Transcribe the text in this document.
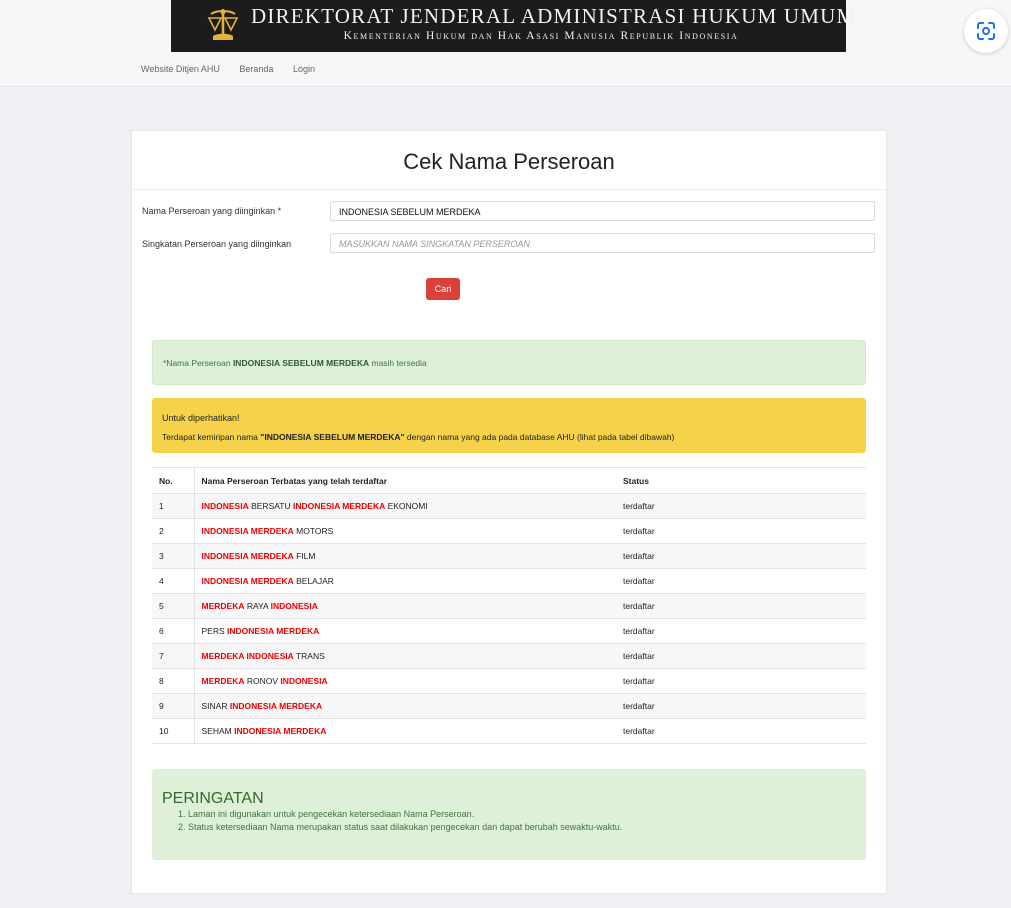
DIREKTORAT JENDERAL ADMINISTRASI HUKUM UMUM
Kementerian Hukum dan Hak Asasi Manusia Republik Indonesia
Website Ditjen AHU Beranda Login
Cek Nama Perseroan
Nama Perseroan yang diinginkan *	INDONESIA SEBELUM MERDEKA
Singkatan Perseroan yang diinginkan	MASUKKAN NAMA SINGKATAN PERSEROAN
Cari
*Nama Perseroan INDONESIA SEBELUM MERDEKA masih tersedia
Untuk diperhatikan!
Terdapat kemiripan nama "INDONESIA SEBELUM MERDEKA" dengan nama yang ada pada database AHU (lihat pada tabel dibawah)
No.	Nama Perseroan Terbatas yang telah terdaftar	Status
1	INDONESIA BERSATU INDONESIA MERDEKA EKONOMI	terdaftar
2	INDONESIA MERDEKA MOTORS	terdaftar
3	INDONESIA MERDEKA FILM	terdaftar
4	INDONESIA MERDEKA BELAJAR	terdaftar
5	MERDEKA RAYA INDONESIA	terdaftar
6	PERS INDONESIA MERDEKA	terdaftar
7	MERDEKA INDONESIA TRANS	terdaftar
8	MERDEKA RONOV INDONESIA	terdaftar
9	SINAR INDONESIA MERDEKA	terdaftar
10	SEHAM INDONESIA MERDEKA	terdaftar
PERINGATAN
1. Laman ini digunakan untuk pengecekan ketersediaan Nama Perseroan.
2. Status ketersediaan Nama merupakan status saat dilakukan pengecekan dan dapat berubah sewaktu-waktu.
